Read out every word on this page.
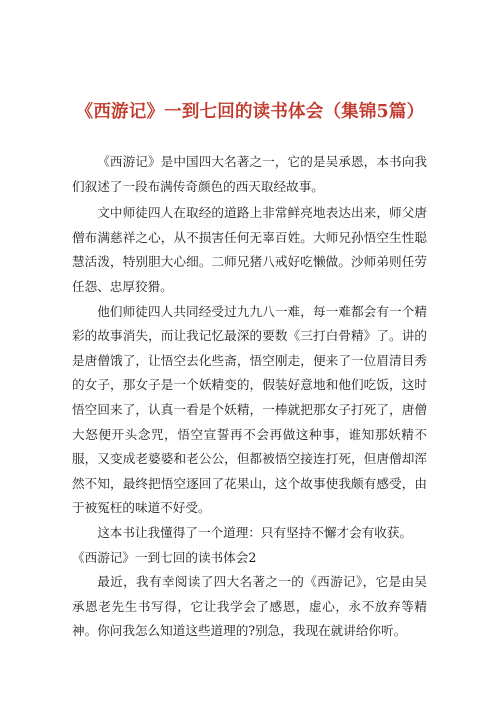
《西游记》一到七回的读书体会（集锦5篇）

《西游记》是中国四大名著之一，它的是吴承恩，本书向我们叙述了一段布满传奇颜色的西天取经故事。

文中师徒四人在取经的道路上非常鲜亮地表达出来，师父唐僧布满慈祥之心，从不损害任何无辜百姓。大师兄孙悟空生性聪慧活泼，特别胆大心细。二师兄猪八戒好吃懒做。沙师弟则任劳任怨、忠厚狡猾。

他们师徒四人共同经受过九九八一难，每一难都会有一个精彩的故事消失，而让我记忆最深的要数《三打白骨精》了。讲的是唐僧饿了，让悟空去化些斋，悟空刚走，便来了一位眉清目秀的女子，那女子是一个妖精变的，假装好意地和他们吃饭，这时悟空回来了，认真一看是个妖精，一棒就把那女子打死了，唐僧大怒便开头念咒，悟空宣誓再不会再做这种事，谁知那妖精不服，又变成老婆婆和老公公，但都被悟空接连打死，但唐僧却浑然不知，最终把悟空逐回了花果山，这个故事使我颇有感受，由于被冤枉的味道不好受。

这本书让我懂得了一个道理：只有坚持不懈才会有收获。

《西游记》一到七回的读书体会2

最近，我有幸阅读了四大名著之一的《西游记》，它是由吴承恩老先生书写得，它让我学会了感恩，虚心，永不放弃等精神。你问我怎么知道这些道理的?别急，我现在就讲给你听。
